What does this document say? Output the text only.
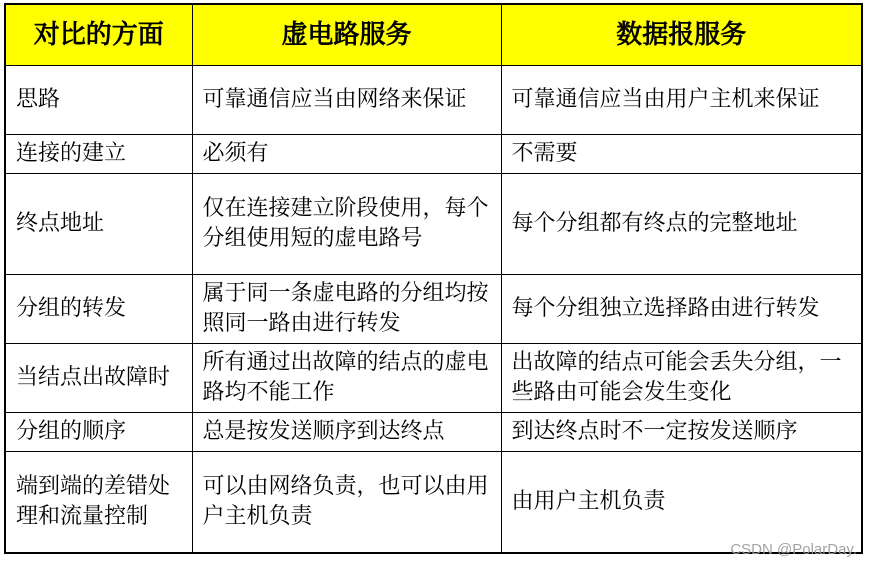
对比的方面	虚电路服务	数据报服务
思路	可靠通信应当由网络来保证	可靠通信应当由用户主机来保证
连接的建立	必须有	不需要
终点地址	仅在连接建立阶段使用，每个分组使用短的虚电路号	每个分组都有终点的完整地址
分组的转发	属于同一条虚电路的分组均按照同一路由进行转发	每个分组独立选择路由进行转发
当结点出故障时	所有通过出故障的结点的虚电路均不能工作	出故障的结点可能会丢失分组，一些路由可能会发生变化
分组的顺序	总是按发送顺序到达终点	到达终点时不一定按发送顺序
端到端的差错处理和流量控制	可以由网络负责，也可以由用户主机负责	由用户主机负责
CSDN @PolarDay.
